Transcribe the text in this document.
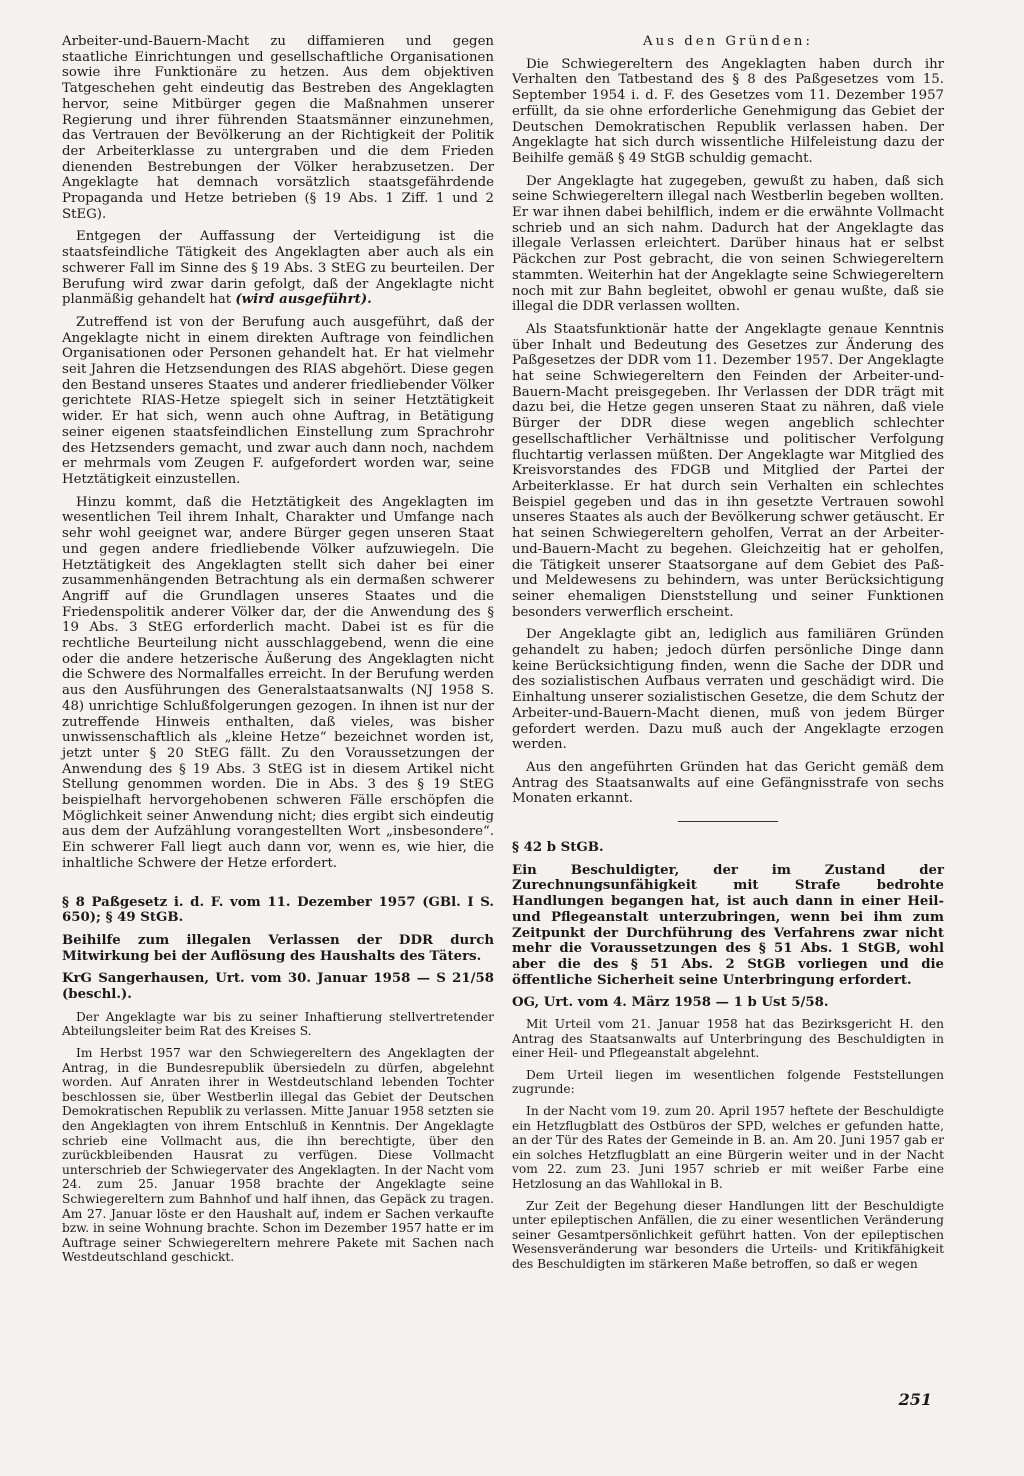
Arbeiter-und-Bauern-Macht zu diffamieren und gegen staatliche Einrichtungen und gesellschaftliche Organisationen sowie ihre Funktionäre zu hetzen. Aus dem objektiven Tatgeschehen geht eindeutig das Bestreben des Angeklagten hervor, seine Mitbürger gegen die Maßnahmen unserer Regierung und ihrer führenden Staatsmänner einzunehmen, das Vertrauen der Bevölkerung an der Richtigkeit der Politik der Arbeiterklasse zu untergraben und die dem Frieden dienenden Bestrebungen der Völker herabzusetzen. Der Angeklagte hat demnach vorsätzlich staatsgefährdende Propaganda und Hetze betrieben (§ 19 Abs. 1 Ziff. 1 und 2 StEG).

Entgegen der Auffassung der Verteidigung ist die staatsfeindliche Tätigkeit des Angeklagten aber auch als ein schwerer Fall im Sinne des § 19 Abs. 3 StEG zu beurteilen. Der Berufung wird zwar darin gefolgt, daß der Angeklagte nicht planmäßig gehandelt hat (wird ausgeführt).

Zutreffend ist von der Berufung auch ausgeführt, daß der Angeklagte nicht in einem direkten Auftrage von feindlichen Organisationen oder Personen gehandelt hat. Er hat vielmehr seit Jahren die Hetzsendungen des RIAS abgehört. Diese gegen den Bestand unseres Staates und anderer friedliebender Völker gerichtete RIAS-Hetze spiegelt sich in seiner Hetztätigkeit wider. Er hat sich, wenn auch ohne Auftrag, in Betätigung seiner eigenen staatsfeindlichen Einstellung zum Sprachrohr des Hetzsenders gemacht, und zwar auch dann noch, nachdem er mehrmals vom Zeugen F. aufgefordert worden war, seine Hetztätigkeit einzustellen.

Hinzu kommt, daß die Hetztätigkeit des Angeklagten im wesentlichen Teil ihrem Inhalt, Charakter und Umfange nach sehr wohl geeignet war, andere Bürger gegen unseren Staat und gegen andere friedliebende Völker aufzuwiegeln. Die Hetztätigkeit des Angeklagten stellt sich daher bei einer zusammenhängenden Betrachtung als ein dermaßen schwerer Angriff auf die Grundlagen unseres Staates und die Friedenspolitik anderer Völker dar, der die Anwendung des § 19 Abs. 3 StEG erforderlich macht. Dabei ist es für die rechtliche Beurteilung nicht ausschlaggebend, wenn die eine oder die andere hetzerische Äußerung des Angeklagten nicht die Schwere des Normalfalles erreicht. In der Berufung werden aus den Ausführungen des Generalstaatsanwalts (NJ 1958 S. 48) unrichtige Schlußfolgerungen gezogen. In ihnen ist nur der zutreffende Hinweis enthalten, daß vieles, was bisher unwissenschaftlich als „kleine Hetze“ bezeichnet worden ist, jetzt unter § 20 StEG fällt. Zu den Voraussetzungen der Anwendung des § 19 Abs. 3 StEG ist in diesem Artikel nicht Stellung genommen worden. Die in Abs. 3 des § 19 StEG beispielhaft hervorgehobenen schweren Fälle erschöpfen die Möglichkeit seiner Anwendung nicht; dies ergibt sich eindeutig aus dem der Aufzählung vorangestellten Wort „insbesondere“. Ein schwerer Fall liegt auch dann vor, wenn es, wie hier, die inhaltliche Schwere der Hetze erfordert.

§ 8 Paßgesetz i. d. F. vom 11. Dezember 1957 (GBl. I S. 650); § 49 StGB.

Beihilfe zum illegalen Verlassen der DDR durch Mitwirkung bei der Auflösung des Haushalts des Täters.

KrG Sangerhausen, Urt. vom 30. Januar 1958 — S 21/58 (beschl.).

Der Angeklagte war bis zu seiner Inhaftierung stellvertretender Abteilungsleiter beim Rat des Kreises S.

Im Herbst 1957 war den Schwiegereltern des Angeklagten der Antrag, in die Bundesrepublik übersiedeln zu dürfen, abgelehnt worden. Auf Anraten ihrer in Westdeutschland lebenden Tochter beschlossen sie, über Westberlin illegal das Gebiet der Deutschen Demokratischen Republik zu verlassen. Mitte Januar 1958 setzten sie den Angeklagten von ihrem Entschluß in Kenntnis. Der Angeklagte schrieb eine Vollmacht aus, die ihn berechtigte, über den zurückbleibenden Hausrat zu verfügen. Diese Vollmacht unterschrieb der Schwiegervater des Angeklagten. In der Nacht vom 24. zum 25. Januar 1958 brachte der Angeklagte seine Schwiegereltern zum Bahnhof und half ihnen, das Gepäck zu tragen. Am 27. Januar löste er den Haushalt auf, indem er Sachen verkaufte bzw. in seine Wohnung brachte. Schon im Dezember 1957 hatte er im Auftrage seiner Schwiegereltern mehrere Pakete mit Sachen nach Westdeutschland geschickt.

Aus den Gründen:

Die Schwiegereltern des Angeklagten haben durch ihr Verhalten den Tatbestand des § 8 des Paßgesetzes vom 15. September 1954 i. d. F. des Gesetzes vom 11. Dezember 1957 erfüllt, da sie ohne erforderliche Genehmigung das Gebiet der Deutschen Demokratischen Republik verlassen haben. Der Angeklagte hat sich durch wissentliche Hilfeleistung dazu der Beihilfe gemäß § 49 StGB schuldig gemacht.

Der Angeklagte hat zugegeben, gewußt zu haben, daß sich seine Schwiegereltern illegal nach Westberlin begeben wollten. Er war ihnen dabei behilflich, indem er die erwähnte Vollmacht schrieb und an sich nahm. Dadurch hat der Angeklagte das illegale Verlassen erleichtert. Darüber hinaus hat er selbst Päckchen zur Post gebracht, die von seinen Schwiegereltern stammten. Weiterhin hat der Angeklagte seine Schwiegereltern noch mit zur Bahn begleitet, obwohl er genau wußte, daß sie illegal die DDR verlassen wollten.

Als Staatsfunktionär hatte der Angeklagte genaue Kenntnis über Inhalt und Bedeutung des Gesetzes zur Änderung des Paßgesetzes der DDR vom 11. Dezember 1957. Der Angeklagte hat seine Schwiegereltern den Feinden der Arbeiter-und-Bauern-Macht preisgegeben. Ihr Verlassen der DDR trägt mit dazu bei, die Hetze gegen unseren Staat zu nähren, daß viele Bürger der DDR diese wegen angeblich schlechter gesellschaftlicher Verhältnisse und politischer Verfolgung fluchtartig verlassen müßten. Der Angeklagte war Mitglied des Kreisvorstandes des FDGB und Mitglied der Partei der Arbeiterklasse. Er hat durch sein Verhalten ein schlechtes Beispiel gegeben und das in ihn gesetzte Vertrauen sowohl unseres Staates als auch der Bevölkerung schwer getäuscht. Er hat seinen Schwiegereltern geholfen, Verrat an der Arbeiter-und-Bauern-Macht zu begehen. Gleichzeitig hat er geholfen, die Tätigkeit unserer Staatsorgane auf dem Gebiet des Paß- und Meldewesens zu behindern, was unter Berücksichtigung seiner ehemaligen Dienststellung und seiner Funktionen besonders verwerflich erscheint.

Der Angeklagte gibt an, lediglich aus familiären Gründen gehandelt zu haben; jedoch dürfen persönliche Dinge dann keine Berücksichtigung finden, wenn die Sache der DDR und des sozialistischen Aufbaus verraten und geschädigt wird. Die Einhaltung unserer sozialistischen Gesetze, die dem Schutz der Arbeiter-und-Bauern-Macht dienen, muß von jedem Bürger gefordert werden. Dazu muß auch der Angeklagte erzogen werden.

Aus den angeführten Gründen hat das Gericht gemäß dem Antrag des Staatsanwalts auf eine Gefängnisstrafe von sechs Monaten erkannt.

§ 42 b StGB.

Ein Beschuldigter, der im Zustand der Zurechnungsunfähigkeit mit Strafe bedrohte Handlungen begangen hat, ist auch dann in einer Heil- und Pflegeanstalt unterzubringen, wenn bei ihm zum Zeitpunkt der Durchführung des Verfahrens zwar nicht mehr die Voraussetzungen des § 51 Abs. 1 StGB, wohl aber die des § 51 Abs. 2 StGB vorliegen und die öffentliche Sicherheit seine Unterbringung erfordert.

OG, Urt. vom 4. März 1958 — 1 b Ust 5/58.

Mit Urteil vom 21. Januar 1958 hat das Bezirksgericht H. den Antrag des Staatsanwalts auf Unterbringung des Beschuldigten in einer Heil- und Pflegeanstalt abgelehnt.

Dem Urteil liegen im wesentlichen folgende Feststellungen zugrunde:

In der Nacht vom 19. zum 20. April 1957 heftete der Beschuldigte ein Hetzflugblatt des Ostbüros der SPD, welches er gefunden hatte, an der Tür des Rates der Gemeinde in B. an. Am 20. Juni 1957 gab er ein solches Hetzflugblatt an eine Bürgerin weiter und in der Nacht vom 22. zum 23. Juni 1957 schrieb er mit weißer Farbe eine Hetzlosung an das Wahllokal in B.

Zur Zeit der Begehung dieser Handlungen litt der Beschuldigte unter epileptischen Anfällen, die zu einer wesentlichen Veränderung seiner Gesamtpersönlichkeit geführt hatten. Von der epileptischen Wesensveränderung war besonders die Urteils- und Kritikfähigkeit des Beschuldigten im stärkeren Maße betroffen, so daß er wegen

251
